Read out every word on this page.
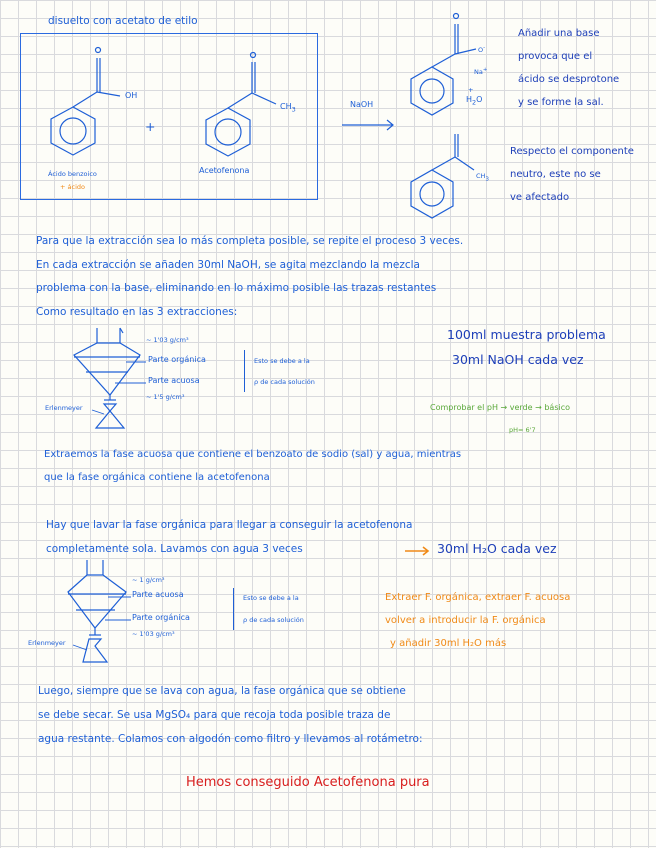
disuelto con acetato de etilo
OH
Ácido benzoico
+ ácido
+
$CH_3$
Acetofenona
NaOH
O-
Na+
+
$H_2O$
$CH_3$
Añadir una base
provoca que el
ácido se desprotone
y se forme la sal.
Respecto el componente
neutro, este no se
ve afectado
Para que la extracción sea lo más completa posible, se repite el proceso 3 veces.
En cada extracción se añaden 30ml NaOH, se agita mezclando la mezcla
problema con la base, eliminando en lo máximo posible las trazas restantes
Como resultado en las 3 extracciones:
~ 1'03 g/cm³
Parte orgánica
Parte acuosa
~ 1'5 g/cm³
Erlenmeyer
Esto se debe a la
ρ de cada solución
100ml muestra problema
30ml NaOH cada vez
Comprobar el pH → verde → básico
pH= 6'7
Extraemos la fase acuosa que contiene el benzoato de sodio (sal) y agua, mientras
que la fase orgánica contiene la acetofenona
Hay que lavar la fase orgánica para llegar a conseguir la acetofenona
completamente sola. Lavamos con agua 3 veces	30ml H₂O cada vez
~ 1 g/cm³
Parte acuosa
Parte orgánica
~ 1'03 g/cm³
Erlenmeyer
Esto se debe a la
ρ de cada solución
Extraer F. orgánica, extraer F. acuosa
volver a introducir la F. orgánica
y añadir 30ml H₂O más
Luego, siempre que se lava con agua, la fase orgánica que se obtiene
se debe secar. Se usa MgSO₄ para que recoja toda posible traza de
agua restante. Colamos con algodón como filtro y llevamos al rotámetro:
Hemos conseguido Acetofenona pura
